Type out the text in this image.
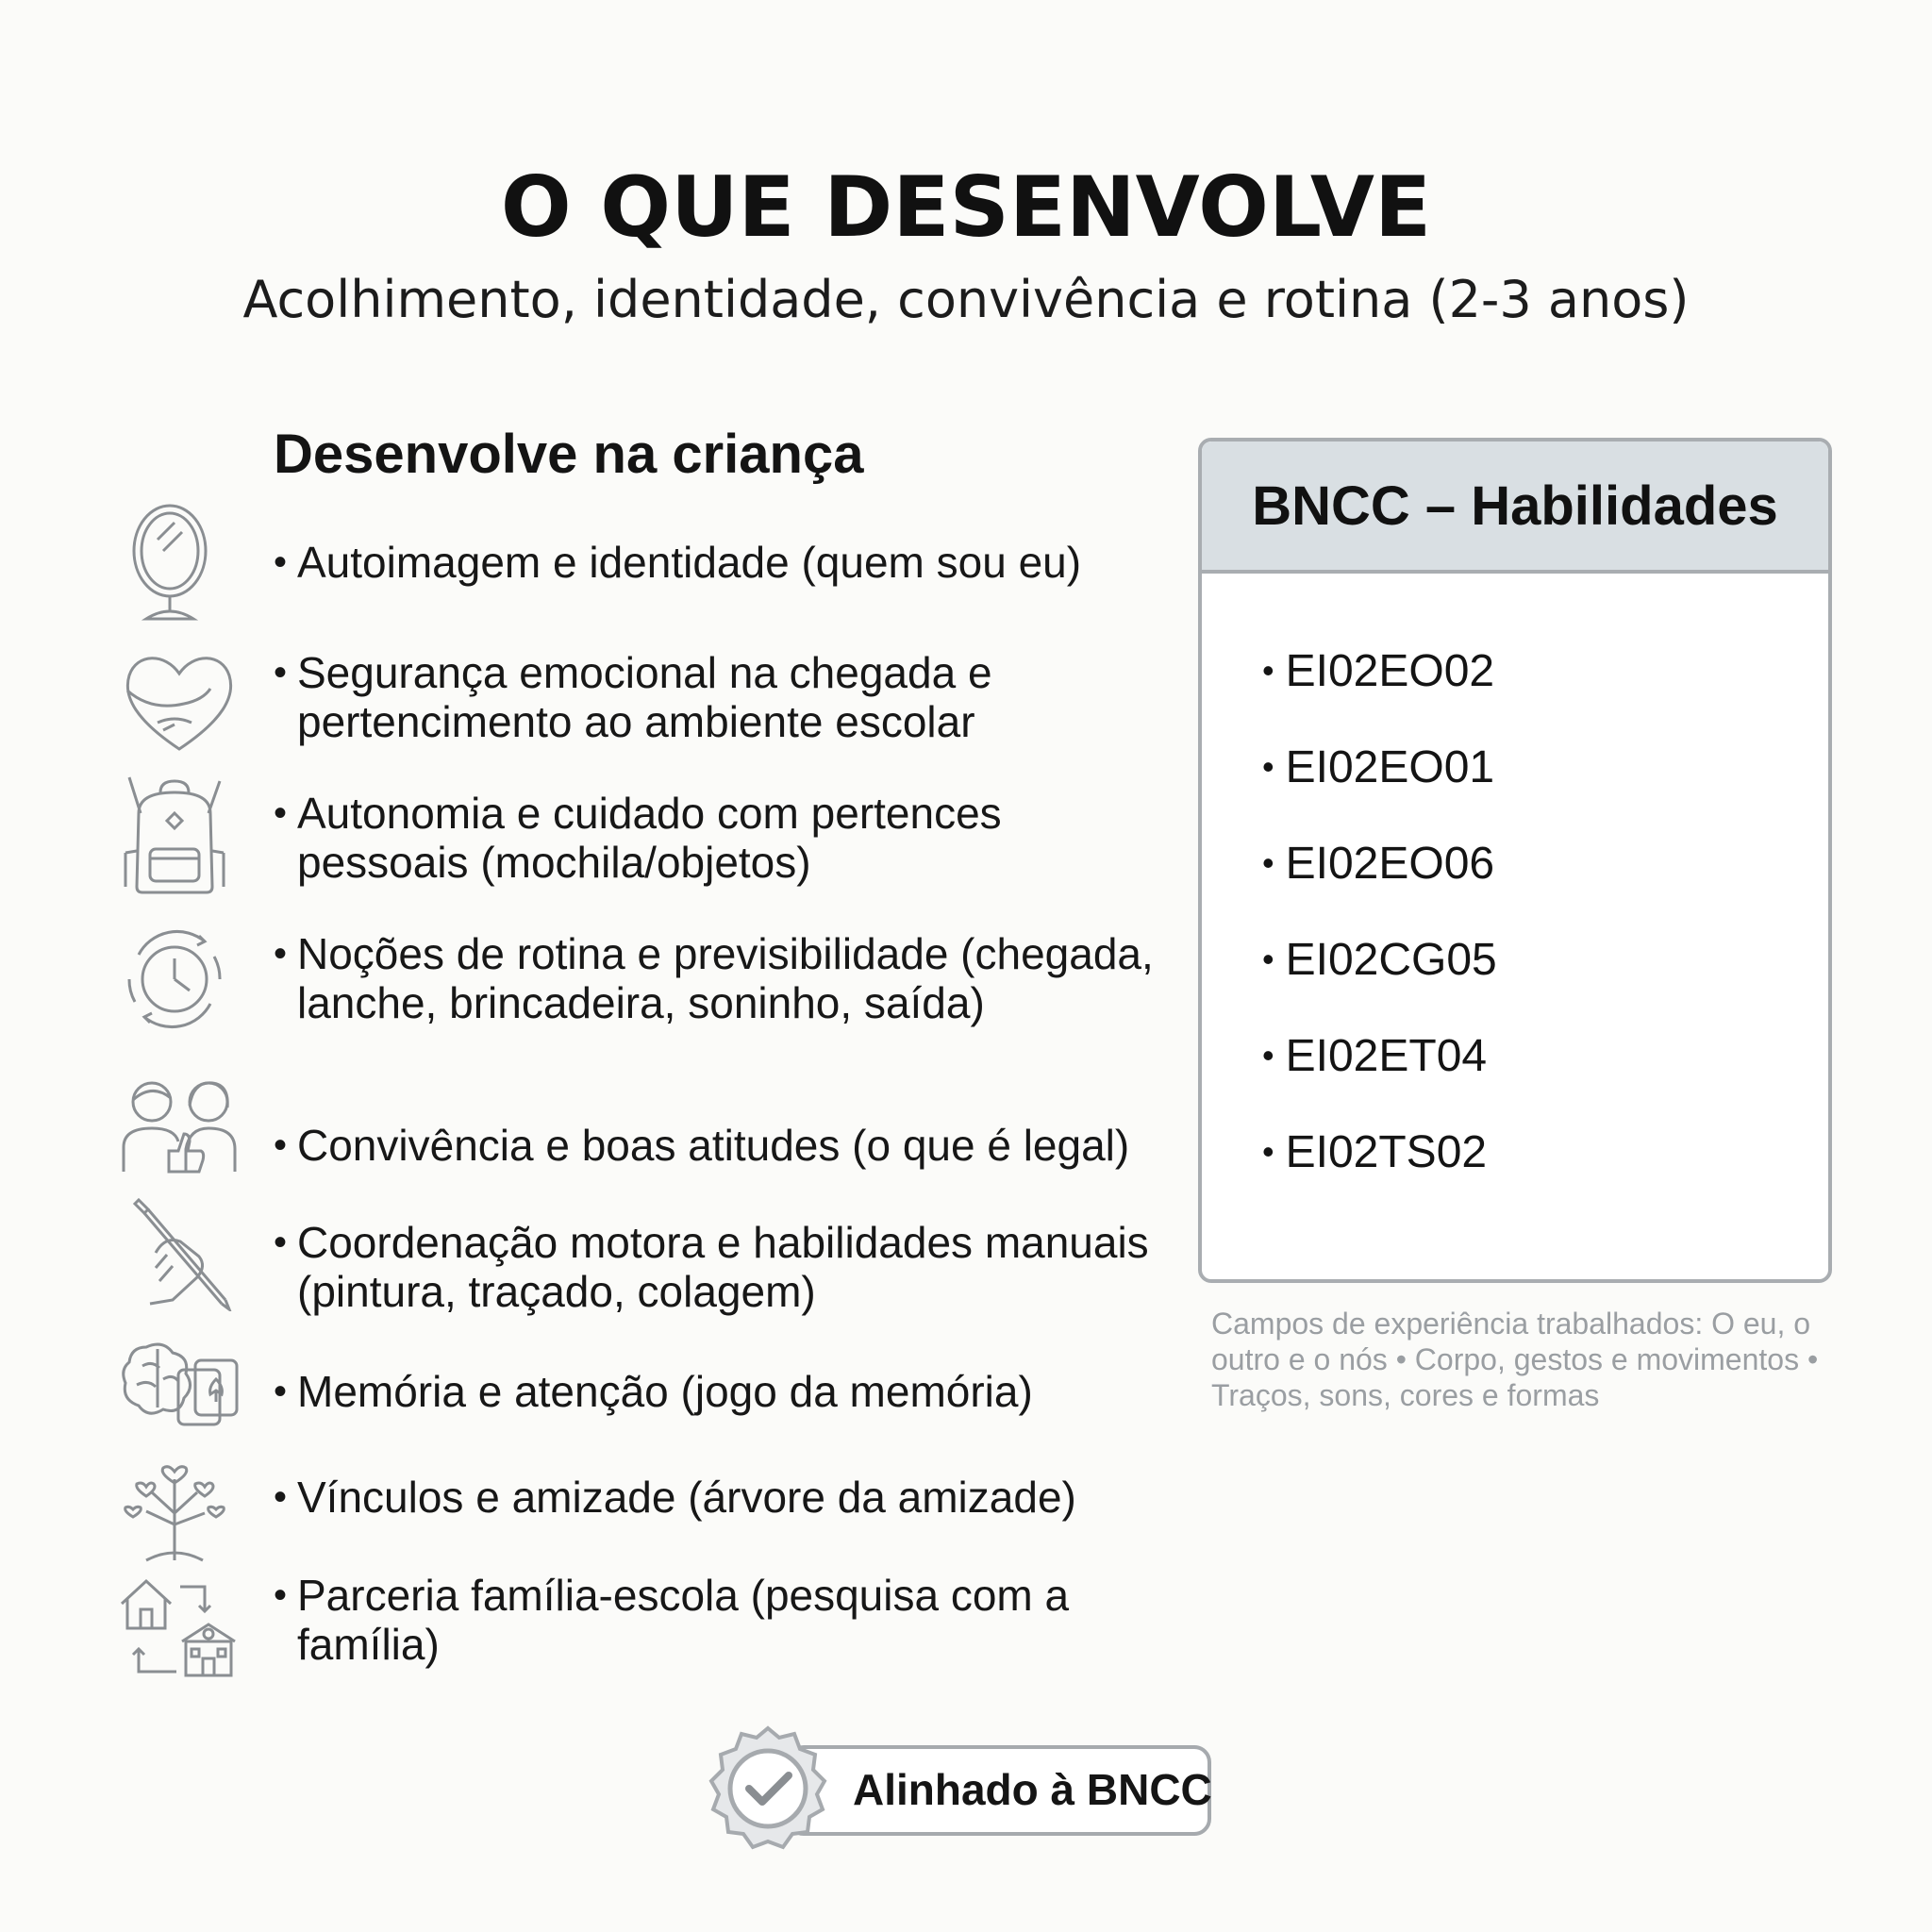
O QUE DESENVOLVE
Acolhimento, identidade, convivência e rotina (2-3 anos)
Desenvolve na criança
• Autoimagem e identidade (quem sou eu)
• Segurança emocional na chegada e pertencimento ao ambiente escolar
• Autonomia e cuidado com pertences pessoais (mochila/objetos)
• Noções de rotina e previsibilidade (chegada, lanche, brincadeira, soninho, saída)
• Convivência e boas atitudes (o que é legal)
• Coordenação motora e habilidades manuais (pintura, traçado, colagem)
• Memória e atenção (jogo da memória)
• Vínculos e amizade (árvore da amizade)
• Parceria família-escola (pesquisa com a família)
BNCC – Habilidades
• EI02EO02
• EI02EO01
• EI02EO06
• EI02CG05
• EI02ET04
• EI02TS02
Campos de experiência trabalhados: O eu, o outro e o nós • Corpo, gestos e movimentos • Traços, sons, cores e formas
Alinhado à BNCC
